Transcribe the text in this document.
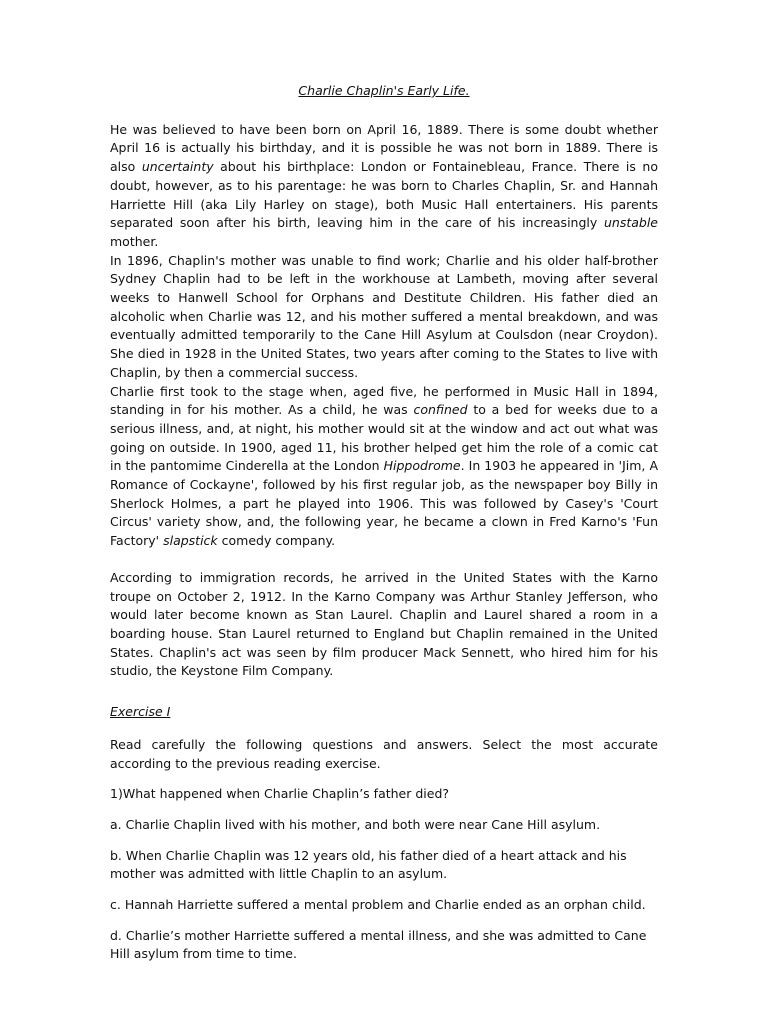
Charlie Chaplin's Early Life.

He was believed to have been born on April 16, 1889. There is some doubt whether April 16 is actually his birthday, and it is possible he was not born in 1889. There is also uncertainty about his birthplace: London or Fontainebleau, France. There is no doubt, however, as to his parentage: he was born to Charles Chaplin, Sr. and Hannah Harriette Hill (aka Lily Harley on stage), both Music Hall entertainers. His parents separated soon after his birth, leaving him in the care of his increasingly unstable mother.

In 1896, Chaplin's mother was unable to find work; Charlie and his older half-brother Sydney Chaplin had to be left in the workhouse at Lambeth, moving after several weeks to Hanwell School for Orphans and Destitute Children. His father died an alcoholic when Charlie was 12, and his mother suffered a mental breakdown, and was eventually admitted temporarily to the Cane Hill Asylum at Coulsdon (near Croydon). She died in 1928 in the United States, two years after coming to the States to live with Chaplin, by then a commercial success.

Charlie first took to the stage when, aged five, he performed in Music Hall in 1894, standing in for his mother. As a child, he was confined to a bed for weeks due to a serious illness, and, at night, his mother would sit at the window and act out what was going on outside. In 1900, aged 11, his brother helped get him the role of a comic cat in the pantomime Cinderella at the London Hippodrome. In 1903 he appeared in 'Jim, A Romance of Cockayne', followed by his first regular job, as the newspaper boy Billy in Sherlock Holmes, a part he played into 1906. This was followed by Casey's 'Court Circus' variety show, and, the following year, he became a clown in Fred Karno's 'Fun Factory' slapstick comedy company.

According to immigration records, he arrived in the United States with the Karno troupe on October 2, 1912. In the Karno Company was Arthur Stanley Jefferson, who would later become known as Stan Laurel. Chaplin and Laurel shared a room in a boarding house. Stan Laurel returned to England but Chaplin remained in the United States. Chaplin's act was seen by film producer Mack Sennett, who hired him for his studio, the Keystone Film Company.

Exercise I

Read carefully the following questions and answers. Select the most accurate according to the previous reading exercise.

1)What happened when Charlie Chaplin’s father died?

a. Charlie Chaplin lived with his mother, and both were near Cane Hill asylum.

b. When Charlie Chaplin was 12 years old, his father died of a heart attack and his mother was admitted with little Chaplin to an asylum.

c. Hannah Harriette suffered a mental problem and Charlie ended as an orphan child.

d. Charlie’s mother Harriette suffered a mental illness, and she was admitted to Cane Hill asylum from time to time.
